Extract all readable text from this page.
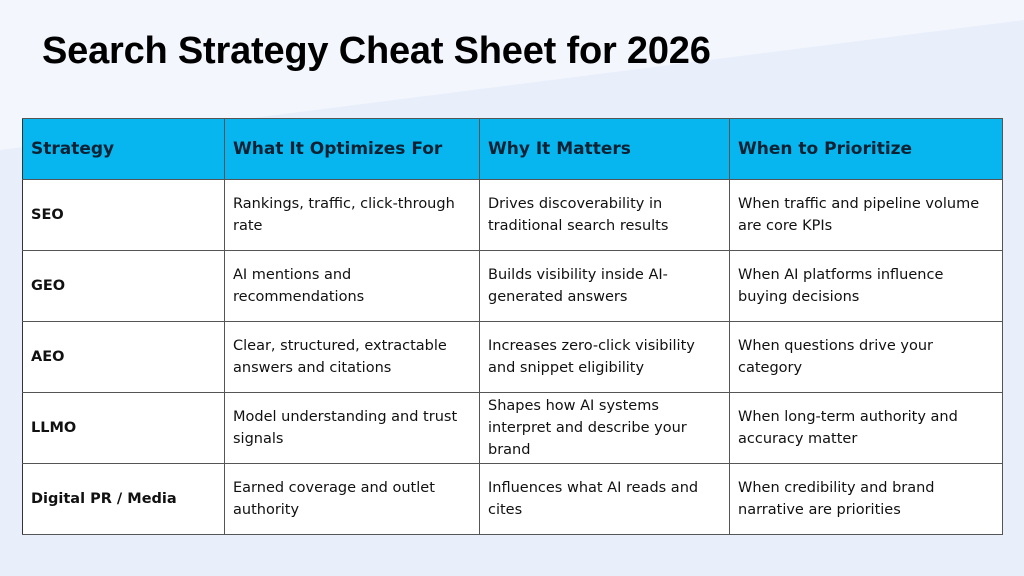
Search Strategy Cheat Sheet for 2026
Strategy	What It Optimizes For	Why It Matters	When to Prioritize
SEO	Rankings, traffic, click-through rate	Drives discoverability in traditional search results	When traffic and pipeline volume are core KPIs
GEO	AI mentions and recommendations	Builds visibility inside AI-generated answers	When AI platforms influence buying decisions
AEO	Clear, structured, extractable answers and citations	Increases zero-click visibility and snippet eligibility	When questions drive your category
LLMO	Model understanding and trust signals	Shapes how AI systems interpret and describe your brand	When long-term authority and accuracy matter
Digital PR / Media	Earned coverage and outlet authority	Influences what AI reads and cites	When credibility and brand narrative are priorities
